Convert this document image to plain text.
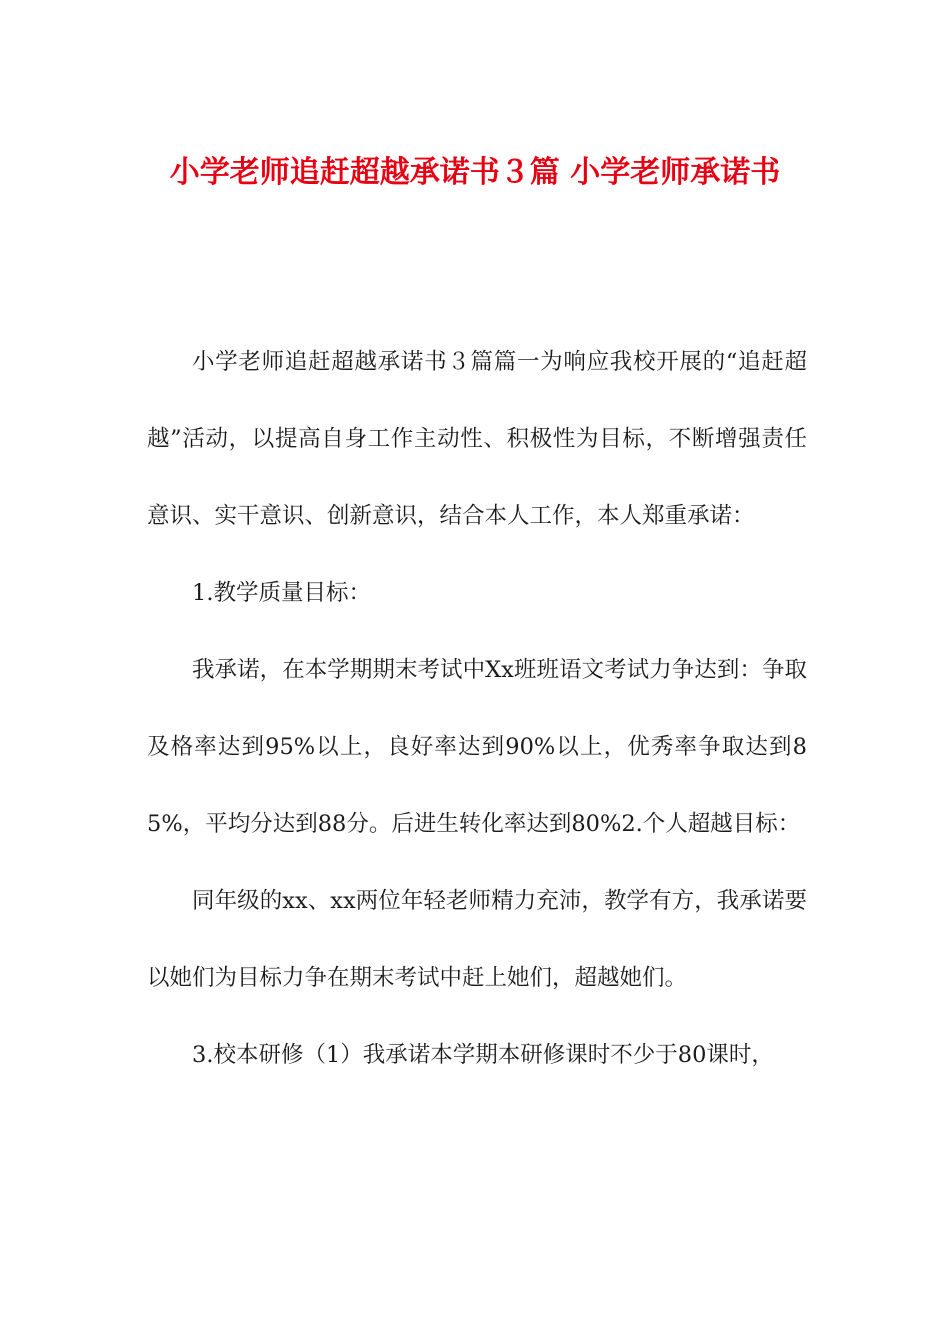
小学老师追赶超越承诺书３篇 小学老师承诺书

小学老师追赶超越承诺书３篇篇一为响应我校开展的“追赶超越”活动，以提高自身工作主动性、积极性为目标，不断增强责任意识、实干意识、创新意识，结合本人工作，本人郑重承诺：

1.教学质量目标：

我承诺，在本学期期末考试中Xx班班语文考试力争达到：争取及格率达到95%以上，良好率达到90%以上，优秀率争取达到85%，平均分达到88分。后进生转化率达到80%2.个人超越目标：

同年级的xx、xx两位年轻老师精力充沛，教学有方，我承诺要以她们为目标力争在期末考试中赶上她们，超越她们。

3.校本研修（1）我承诺本学期本研修课时不少于80课时，
